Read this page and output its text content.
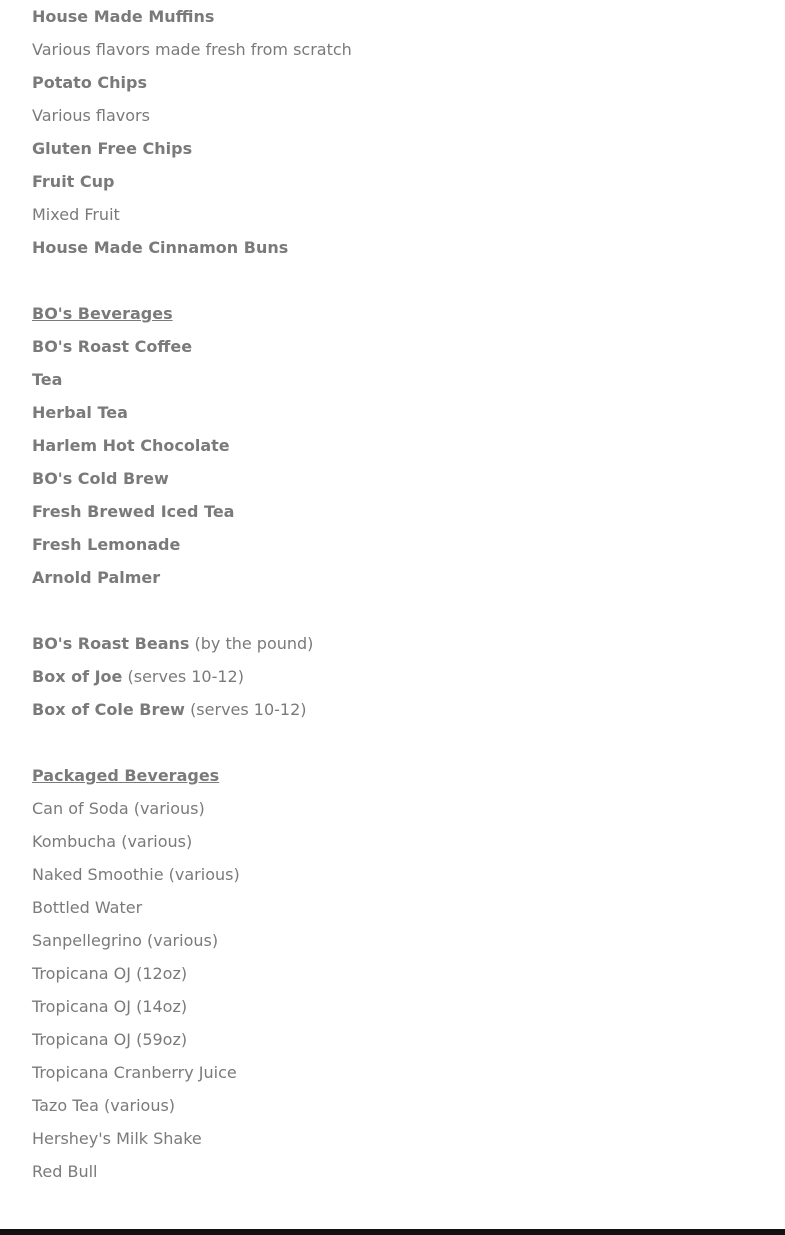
House Made Muffins
Various flavors made fresh from scratch
Potato Chips
Various flavors
Gluten Free Chips
Fruit Cup
Mixed Fruit
House Made Cinnamon Buns
BO's Beverages
BO's Roast Coffee
Tea
Herbal Tea
Harlem Hot Chocolate
BO's Cold Brew
Fresh Brewed Iced Tea
Fresh Lemonade
Arnold Palmer
BO's Roast Beans (by the pound)
Box of Joe (serves 10-12)
Box of Cole Brew (serves 10-12)
Packaged Beverages
Can of Soda (various)
Kombucha (various)
Naked Smoothie (various)
Bottled Water
Sanpellegrino (various)
Tropicana OJ (12oz)
Tropicana OJ (14oz)
Tropicana OJ (59oz)
Tropicana Cranberry Juice
Tazo Tea (various)
Hershey's Milk Shake
Red Bull
